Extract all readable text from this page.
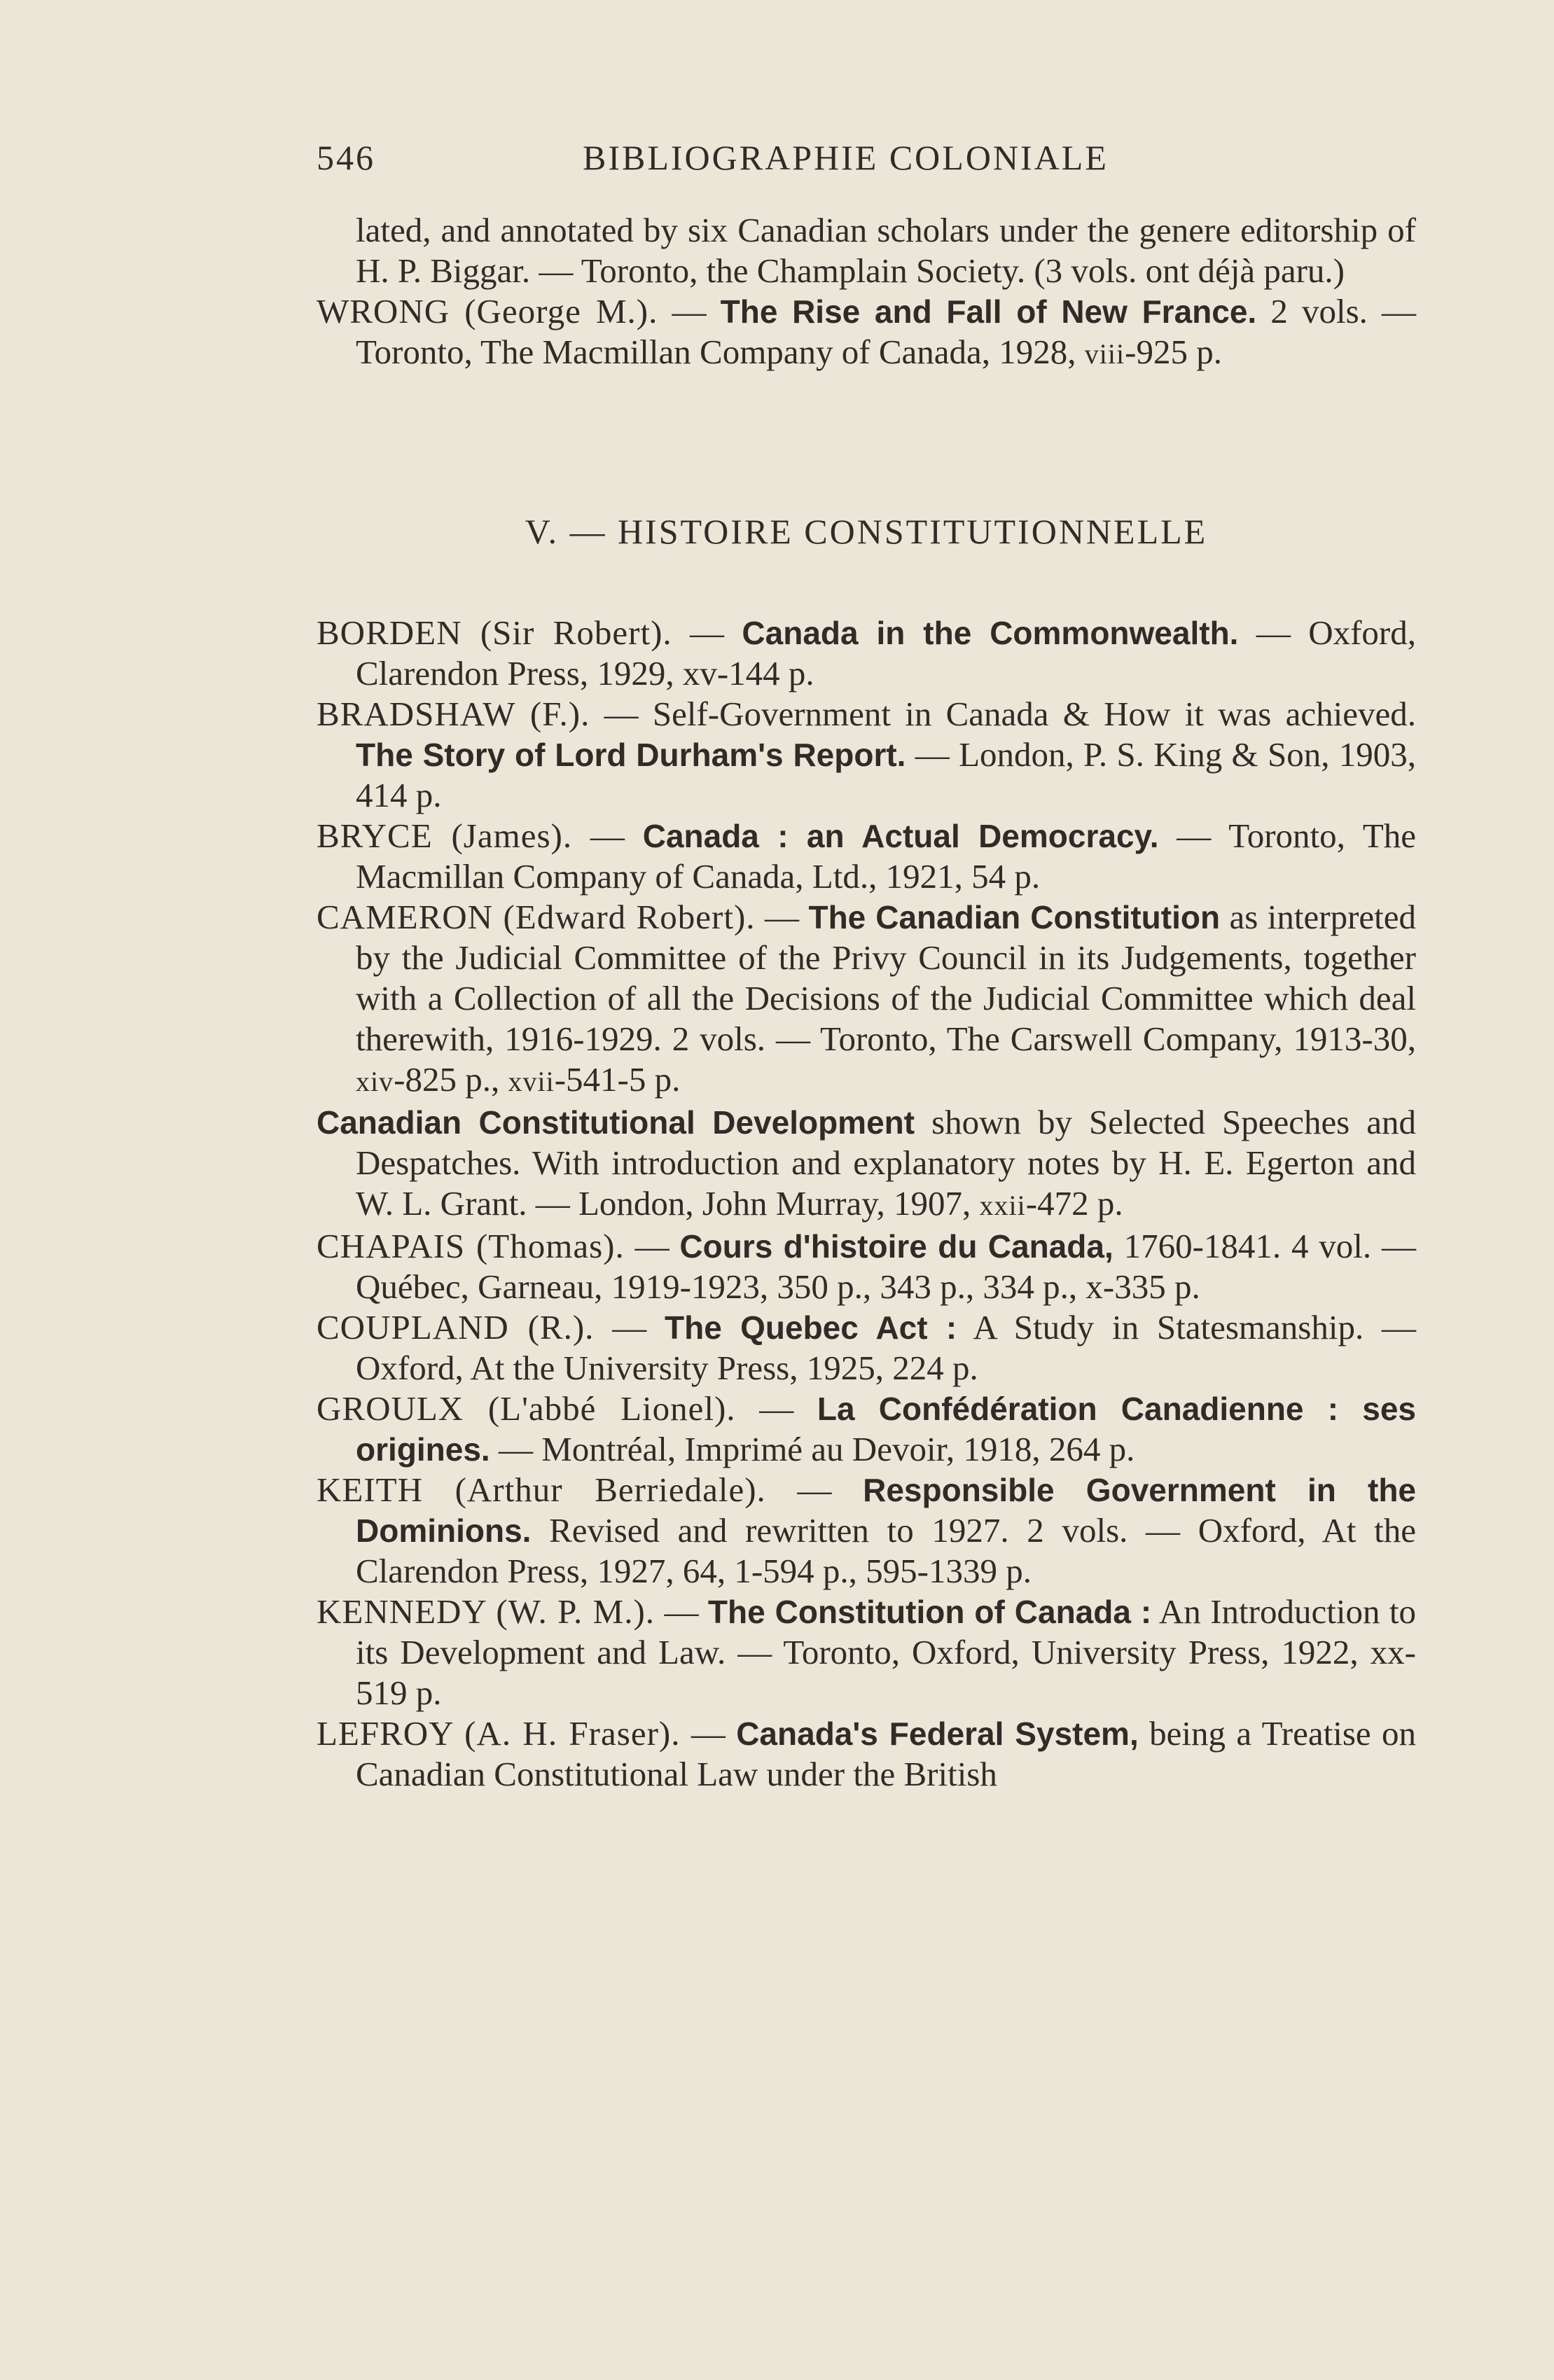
546	BIBLIOGRAPHIE COLONIALE

lated, and annotated by six Canadian scholars under the genere editorship of H. P. Biggar. — Toronto, the Champlain Society. (3 vols. ont déjà paru.)

WRONG (George M.). — The Rise and Fall of New France. 2 vols. — Toronto, The Macmillan Company of Canada, 1928, viii-925 p.

V. — HISTOIRE CONSTITUTIONNELLE

BORDEN (Sir Robert). — Canada in the Commonwealth. — Oxford, Clarendon Press, 1929, xv-144 p.

BRADSHAW (F.). — Self-Government in Canada & How it was achieved. The Story of Lord Durham's Report. — London, P. S. King & Son, 1903, 414 p.

BRYCE (James). — Canada : an Actual Democracy. — Toronto, The Macmillan Company of Canada, Ltd., 1921, 54 p.

CAMERON (Edward Robert). — The Canadian Constitution as interpreted by the Judicial Committee of the Privy Council in its Judgements, together with a Collection of all the Decisions of the Judicial Committee which deal therewith, 1916-1929. 2 vols. — Toronto, The Carswell Company, 1913-30, xiv-825 p., xvii-541-5 p.

Canadian Constitutional Development shown by Selected Speeches and Despatches. With introduction and explanatory notes by H. E. Egerton and W. L. Grant. — London, John Murray, 1907, xxii-472 p.

CHAPAIS (Thomas). — Cours d'histoire du Canada, 1760-1841. 4 vol. — Québec, Garneau, 1919-1923, 350 p., 343 p., 334 p., x-335 p.

COUPLAND (R.). — The Quebec Act : A Study in Statesmanship. — Oxford, At the University Press, 1925, 224 p.

GROULX (L'abbé Lionel). — La Confédération Canadienne : ses origines. — Montréal, Imprimé au Devoir, 1918, 264 p.

KEITH (Arthur Berriedale). — Responsible Government in the Dominions. Revised and rewritten to 1927. 2 vols. — Oxford, At the Clarendon Press, 1927, 64, 1-594 p., 595-1339 p.

KENNEDY (W. P. M.). — The Constitution of Canada : An Introduction to its Development and Law. — Toronto, Oxford, University Press, 1922, xx-519 p.

LEFROY (A. H. Fraser). — Canada's Federal System, being a Treatise on Canadian Constitutional Law under the British
